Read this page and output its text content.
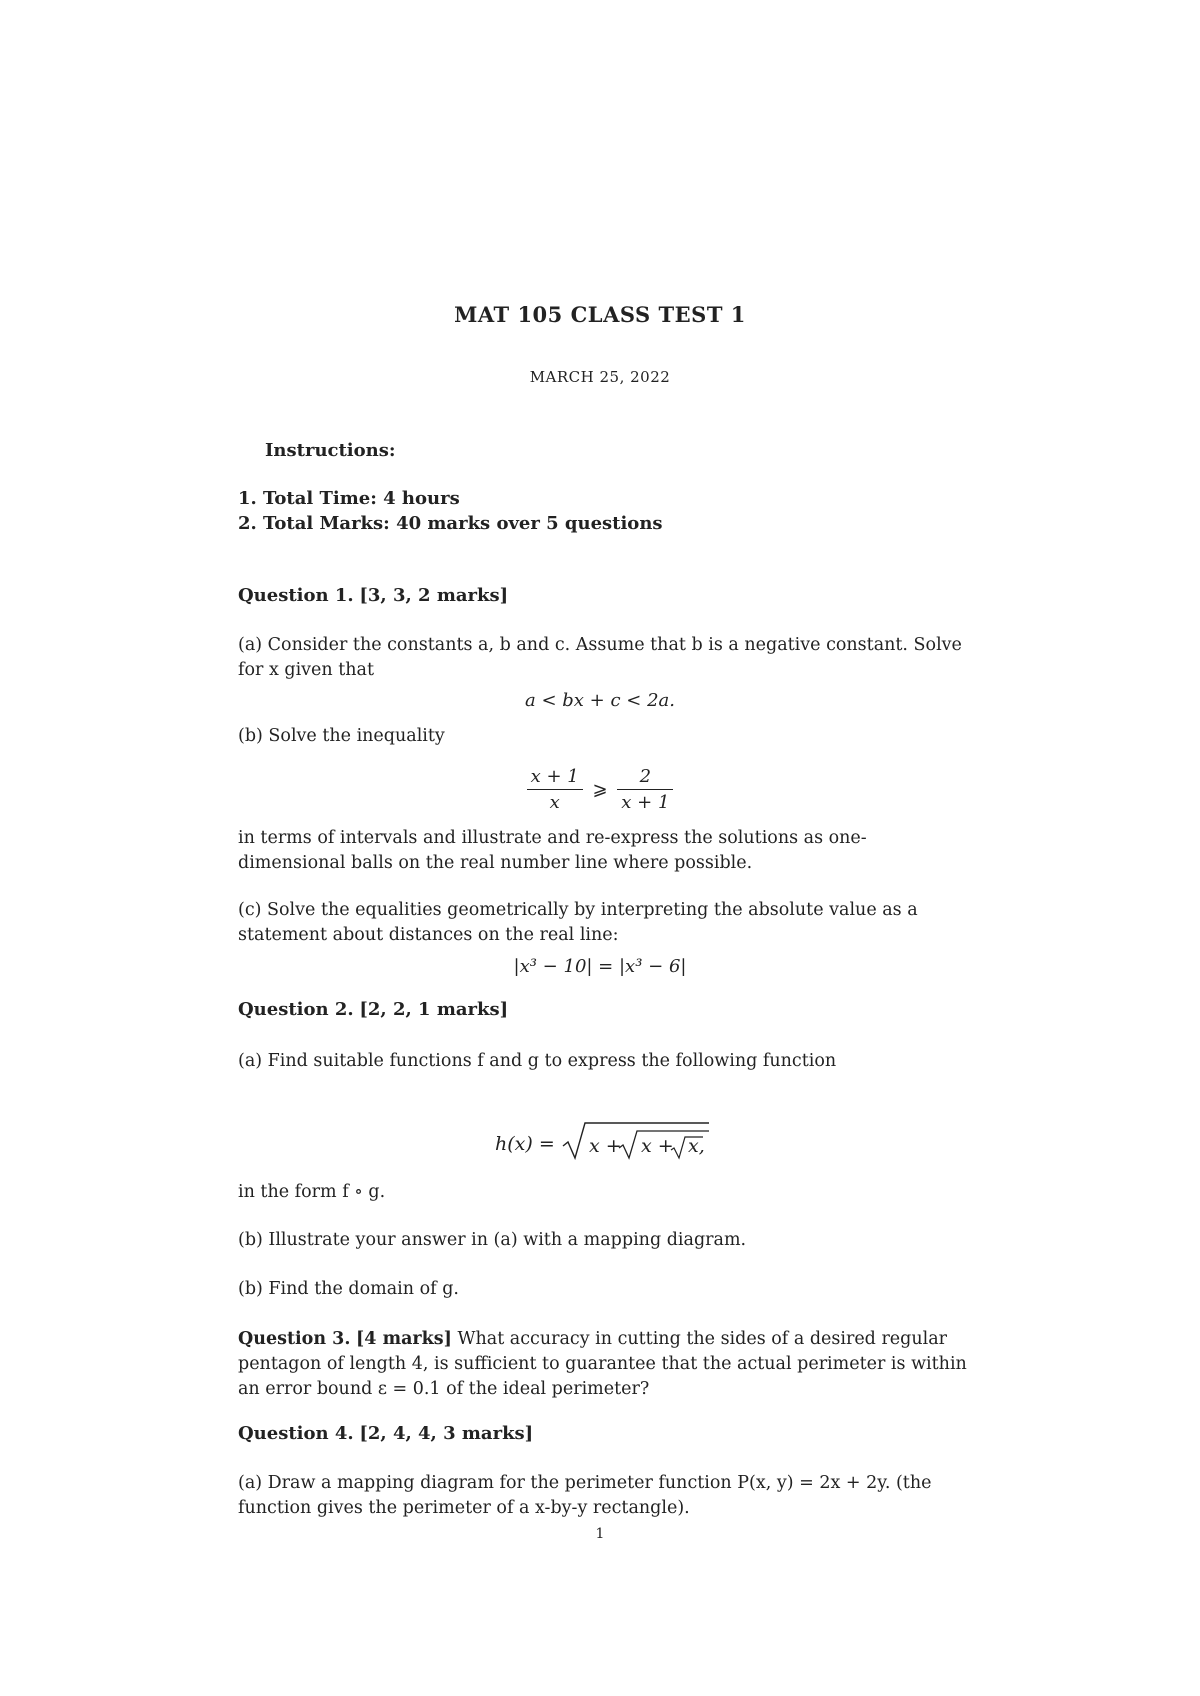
MAT 105 CLASS TEST 1
MARCH 25, 2022
Instructions:
1. Total Time: 4 hours
2. Total Marks: 40 marks over 5 questions
Question 1. [3, 3, 2 marks]
(a) Consider the constants a, b and c. Assume that b is a negative constant. Solve for x given that
a < bx + c < 2a.
(b) Solve the inequality
$\frac{x + 1}{x}$ ⩾ $\frac{2}{x + 1}$
in terms of intervals and illustrate and re-express the solutions as one-dimensional balls on the real number line where possible.
(c) Solve the equalities geometrically by interpreting the absolute value as a statement about distances on the real line:
|x³ − 10| = |x³ − 6|
Question 2. [2, 2, 1 marks]
(a) Find suitable functions f and g to express the following function
h(x) = x + x + x,
in the form f ∘ g.
(b) Illustrate your answer in (a) with a mapping diagram.
(b) Find the domain of g.
Question 3. [4 marks] What accuracy in cutting the sides of a desired regular pentagon of length 4, is sufficient to guarantee that the actual perimeter is within an error bound ε = 0.1 of the ideal perimeter?
Question 4. [2, 4, 4, 3 marks]
(a) Draw a mapping diagram for the perimeter function P(x, y) = 2x + 2y. (the function gives the perimeter of a x-by-y rectangle).
1
